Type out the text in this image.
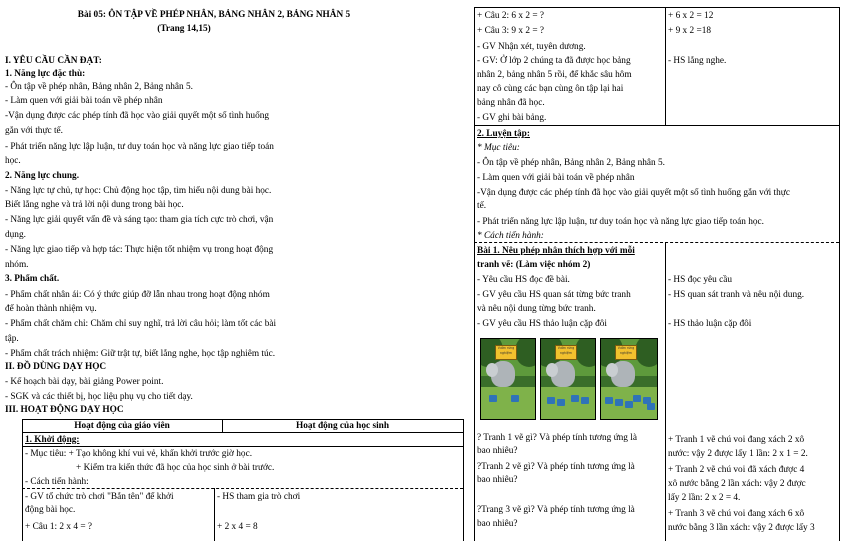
Bài 05: ÔN TẬP VỀ PHÉP NHÂN, BẢNG NHÂN 2, BẢNG NHÂN 5
(Trang 14,15)
I. YÊU CẦU CẦN ĐẠT:
1. Năng lực đặc thù:
- Ôn tập về phép nhân, Bảng nhân 2, Bảng nhân 5.
- Làm quen với giải bài toán về phép nhân
-Vận dụng được các phép tính đã học vào giải quyết một số tình huống
gắn với thực tế.
- Phát triển năng lực lập luận, tư duy toán học và năng lực giao tiếp toán
học.
2. Năng lực chung.
- Năng lực tự chủ, tự học: Chủ động học tập, tìm hiểu nội dung bài học.
Biết lắng nghe và trả lời nội dung trong bài học.
- Năng lực giải quyết vấn đề và sáng tạo: tham gia tích cực trò chơi, vận
dụng.
- Năng lực giao tiếp và hợp tác: Thực hiện tốt nhiệm vụ trong hoạt động
nhóm.
3. Phẩm chất.
- Phẩm chất nhân ái: Có ý thức giúp đỡ lẫn nhau trong hoạt động nhóm
để hoàn thành nhiệm vụ.
- Phẩm chất chăm chỉ: Chăm chỉ suy nghĩ, trả lời câu hỏi; làm tốt các bài
tập.
- Phẩm chất trách nhiệm: Giữ trật tự, biết lắng nghe, học tập nghiêm túc.
II. ĐỒ DÙNG DẠY HỌC
- Kế hoạch bài dạy, bài giảng Power point.
- SGK và các thiết bị, học liệu phụ vụ cho tiết dạy.
III. HOẠT ĐỘNG DẠY HỌC
Hoạt động của giáo viên	Hoạt động của học sinh
1. Khởi động:
- Mục tiêu: + Tạo không khí vui vẻ, khấn khởi trước giờ học.
+ Kiểm tra kiến thức đã học của học sinh ở bài trước.
- Cách tiến hành:
- GV tổ chức trò chơi "Bắn tên" để khởi
động bài học.
- HS tham gia trò chơi
+ Câu 1: 2 x 4 = ?	+ 2 x 4 = 8
+ Câu 2: 6 x 2 = ?
+ Câu 3: 9 x 2 = ?
+ 6 x 2 = 12
+ 9 x 2 =18
- GV Nhận xét, tuyên dương.
- GV: Ở lớp 2 chúng ta đã được học bảng
nhân 2, bảng nhân 5 rồi, để khắc sâu hôm
nay cô cùng các bạn cùng ôn tập lại hai
bảng nhân đã học.
- GV ghi bài bảng.
- HS lắng nghe.
2. Luyện tập:
* Mục tiêu:
- Ôn tập về phép nhân, Bảng nhân 2, Bảng nhân 5.
- Làm quen với giải bài toán về phép nhân
-Vận dụng được các phép tính đã học vào giải quyết một số tình huống gắn với thực
tế.
- Phát triển năng lực lập luận, tư duy toán học và năng lực giao tiếp toán học.
* Cách tiến hành:
Bài 1. Nêu phép nhân thích hợp với mỗi
tranh vẽ: (Làm việc nhóm 2)
- Yêu cầu HS đọc đề bài.
- GV yêu cầu HS quan sát từng bức tranh
và nêu nội dung từng bức tranh.
- GV yêu cầu HS thảo luận cặp đôi
- HS đọc yêu cầu
- HS quan sát tranh và nêu nội dung.
- HS thảo luận cặp đôi
Vườn rừng nghiệm
Vườn rừng nghiệm
Vườn rừng nghiệm
? Tranh 1 vẽ gì? Và phép tính tương ứng là
bao nhiêu?
?Tranh 2 vẽ gì? Và phép tính tương ứng là
bao nhiêu?
?Trang 3 vẽ gì? Và phép tính tương ứng là
bao nhiêu?
+ Tranh 1 vẽ chú voi đang xách 2 xô
nước: vậy 2 được lấy 1 lần: 2 x 1 = 2.
+ Tranh 2 vẽ chú voi đã xách được 4
xô nước bằng 2 lần xách: vậy 2 được
lấy 2 lần: 2 x 2 = 4.
+ Tranh 3 vẽ chú voi đang xách 6 xô
nước bằng 3 lần xách: vậy 2 được lấy 3
